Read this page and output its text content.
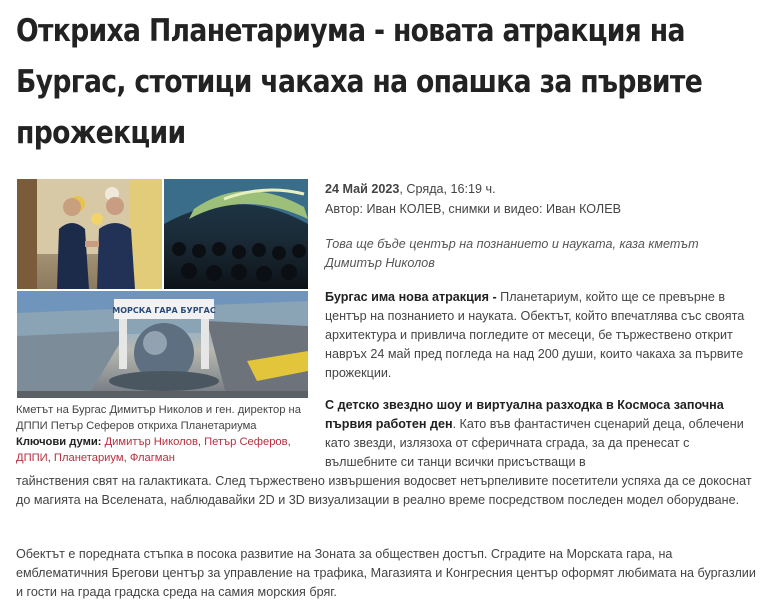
Откриха Планетариума - новата атракция на Бургас, стотици чакаха на опашка за първите прожекции
МОРСКА ГАРА БУРГАС

Кметът на Бургас Димитър Николов и ген. директор на ДППИ Петър Сеферов откриха Планетариума

Ключови думи: Димитър Николов, Петър Сеферов, ДППИ, Планетариум, Флагман

24 Май 2023, Сряда, 16:19 ч.

Автор: Иван КОЛЕВ, снимки и видео: Иван КОЛЕВ

Това ще бъде център на познанието и науката, каза кметът Димитър Николов

Бургас има нова атракция - Планетариум, който ще се превърне в център на познанието и науката. Обектът, който впечатлява със своята архитектура и привлича погледите от месеци, бе тържествено открит навръх 24 май пред погледа на над 200 души, които чакаха за първите прожекции.

С детско звездно шоу и виртуална разходка в Космоса започна първия работен ден. Като във фантастичен сценарий деца, облечени като звезди, излязоха от сферичната сграда, за да пренесат с вълшебните си танци всички присъстващи в

тайнствения свят на галактиката. След тържествено извършения водосвет нетърпеливите посетители успяха да се докоснат до магията на Вселената, наблюдавайки 2D и 3D визуализации в реално време посредством последен модел оборудване.

Обектът е поредната стъпка в посока развитие на Зоната за обществен достъп. Сградите на Морската гара, на емблематичния Брегови център за управление на трафика, Магазията и Конгресния център оформят любимата на бургазлии и гости на града градска среда на самия морския бряг.
